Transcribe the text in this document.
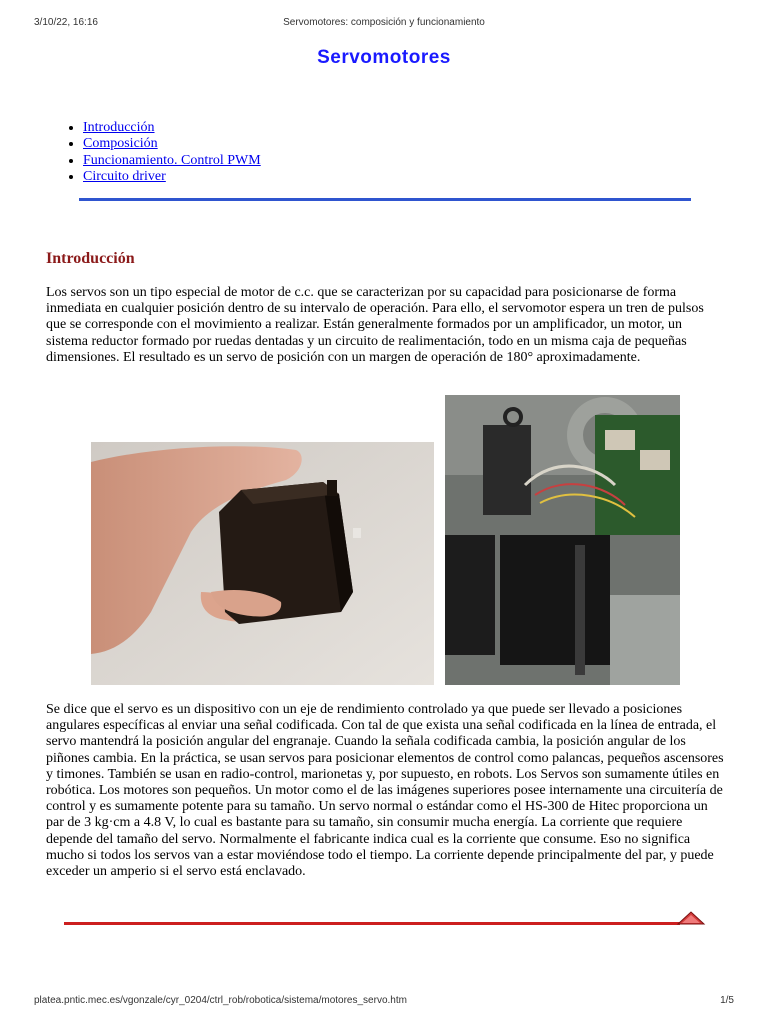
3/10/22, 16:16	Servomotores: composición y funcionamiento
Servomotores
• Introducción
• Composición
• Funcionamiento. Control PWM
• Circuito driver
Introducción

Los servos son un tipo especial de motor de c.c. que se caracterizan por su capacidad para posicionarse de forma inmediata en cualquier posición dentro de su intervalo de operación. Para ello, el servomotor espera un tren de pulsos que se corresponde con el movimiento a realizar. Están generalmente formados por un amplificador, un motor, un sistema reductor formado por ruedas dentadas y un circuito de realimentación, todo en un misma caja de pequeñas dimensiones. El resultado es un servo de posición con un margen de operación de 180° aproximadamente.

Se dice que el servo es un dispositivo con un eje de rendimiento controlado ya que puede ser llevado a posiciones angulares específicas al enviar una señal codificada. Con tal de que exista una señal codificada en la línea de entrada, el servo mantendrá la posición angular del engranaje. Cuando la señala codificada cambia, la posición angular de los piñones cambia. En la práctica, se usan servos para posicionar elementos de control como palancas, pequeños ascensores y timones. También se usan en radio-control, marionetas y, por supuesto, en robots. Los Servos son sumamente útiles en robótica. Los motores son pequeños. Un motor como el de las imágenes superiores posee internamente una circuitería de control y es sumamente potente para su tamaño. Un servo normal o estándar como el HS-300 de Hitec proporciona un par de 3 kg·cm a 4.8 V, lo cual es bastante para su tamaño, sin consumir mucha energía. La corriente que requiere depende del tamaño del servo. Normalmente el fabricante indica cual es la corriente que consume. Eso no significa mucho si todos los servos van a estar moviéndose todo el tiempo. La corriente depende principalmente del par, y puede exceder un amperio si el servo está enclavado.

platea.pntic.mec.es/vgonzale/cyr_0204/ctrl_rob/robotica/sistema/motores_servo.htm	1/5
